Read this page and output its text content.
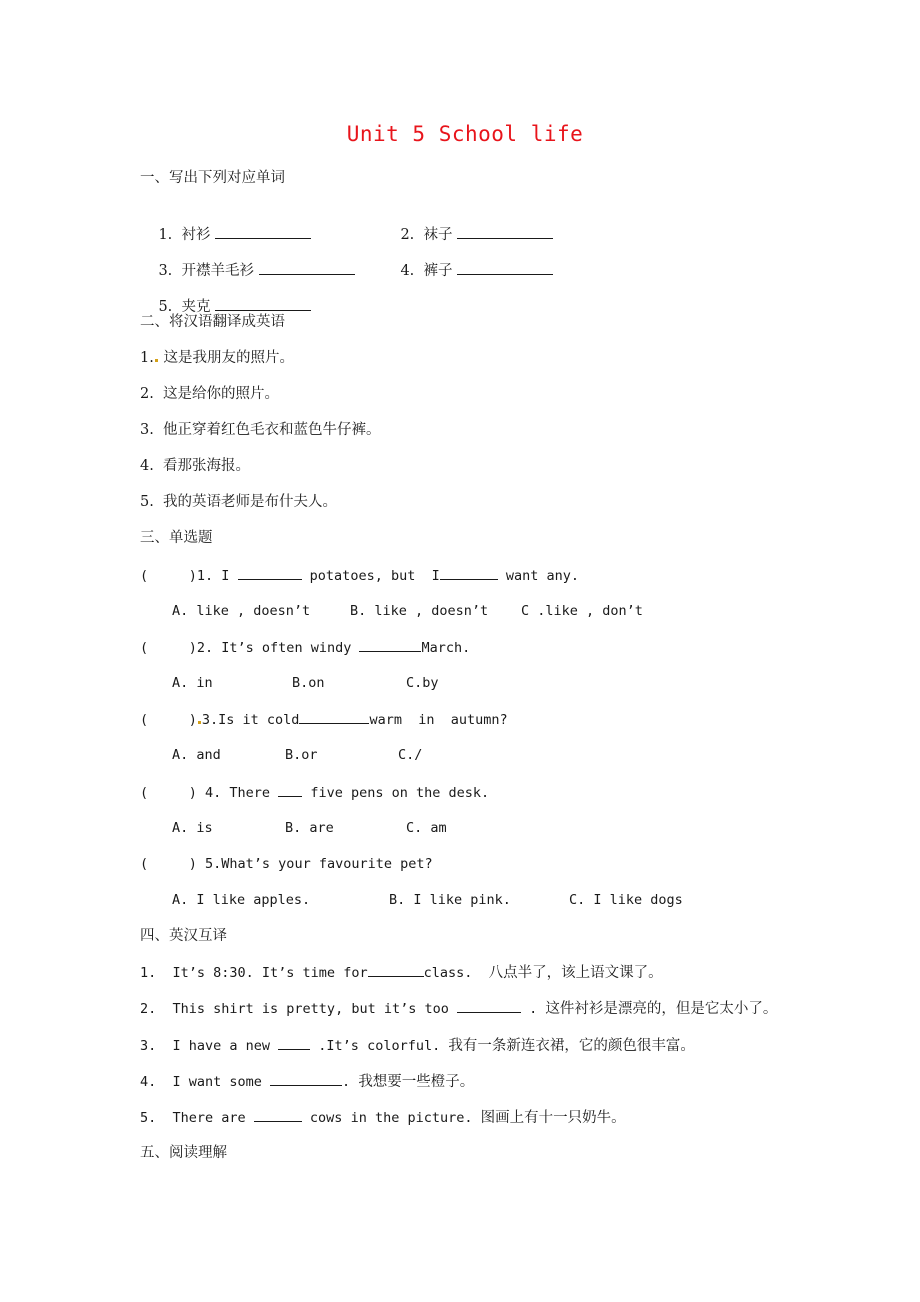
Unit 5 School life
一、写出下列对应单词

1.  衬衫
	2.  袜子

3.  开襟羊毛衫
	4.  裤子

5.  夹克

二、将汉语翻译成英语
1. 这是我朋友的照片。
2.  这是给你的照片。
3.  他正穿着红色毛衣和蓝色牛仔裤。
4.  看那张海报。
5.  我的英语老师是布什夫人。
三、单选题
(     )1. I	potatoes, but  I	want any.
A. like , doesn’t	B. like , doesn’t C .like , don’t
(     )2. It’s often windy	March.
A. in	B.on	C.by
(     ) 3.Is it cold	warm  in  autumn?
A. and	B.or	C./
(     ) 4. There  five pens on the desk.
A. is	B. are	C. am
(     ) 5.What’s your favourite pet?
A. I like apples.	B. I like pink.	C. I like dogs
四、英汉互译
1.  It’s 8:30. It’s time for	class.  八点半了，该上语文课了。
2.  This shirt is pretty, but it’s too	. 这件衬衫是漂亮的，但是它太小了。
3.  I have a new  .It’s colorful. 我有一条新连衣裙，它的颜色很丰富。
4.  I want some	. 我想要一些橙子。
5.  There are	cows in the picture. 图画上有十一只奶牛。
五、阅读理解
